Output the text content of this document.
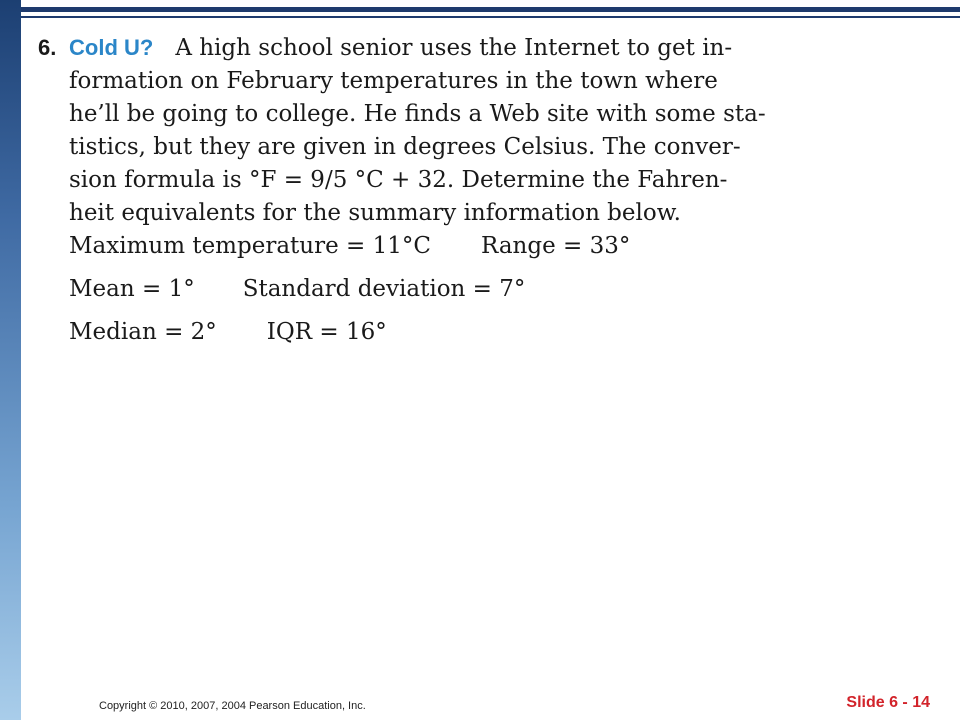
6. Cold U? A high school senior uses the Internet to get in-
formation on February temperatures in the town where
he’ll be going to college. He finds a Web site with some sta-
tistics, but they are given in degrees Celsius. The conver-
sion formula is °F = 9/5 °C + 32. Determine the Fahren-
heit equivalents for the summary information below.
Maximum temperature = 11°C Range = 33°
Mean = 1° Standard deviation = 7°
Median = 2° IQR = 16°
Copyright © 2010, 2007, 2004 Pearson Education, Inc.	Slide 6 - 14
